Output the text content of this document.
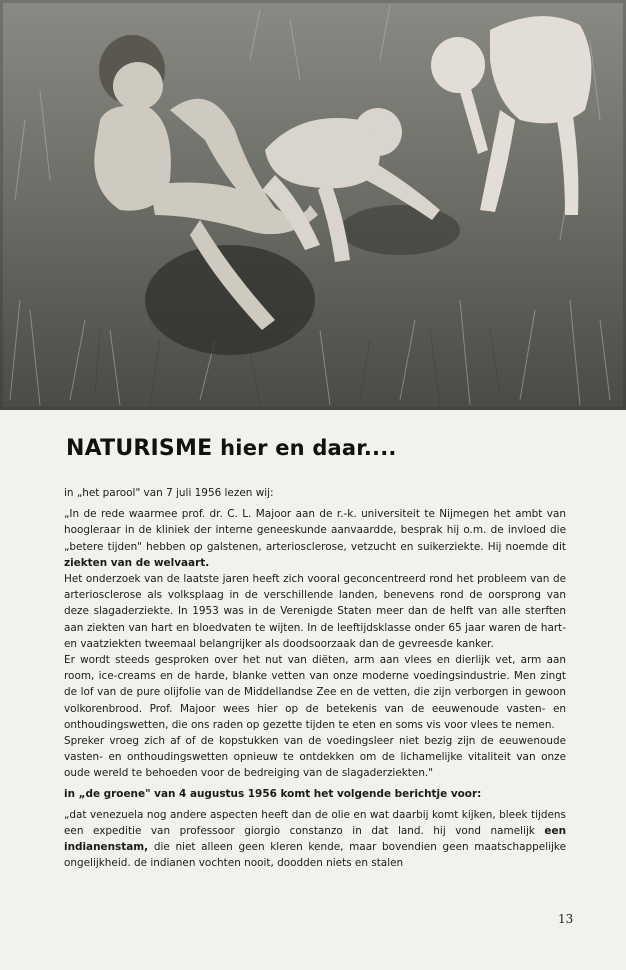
NATURISME hier en daar....

in „het parool" van 7 juli 1956 lezen wij:

„In de rede waarmee prof. dr. C. L. Majoor aan de r.-k. universiteit te Nijmegen het ambt van hoogleraar in de kliniek der interne geneeskunde aanvaardde, besprak hij o.m. de invloed die „betere tijden" hebben op galstenen, arteriosclerose, vetzucht en suikerziekte. Hij noemde dit ziekten van de welvaart.

Het onderzoek van de laatste jaren heeft zich vooral geconcentreerd rond het probleem van de arteriosclerose als volksplaag in de verschillende landen, benevens rond de oorsprong van deze slagaderziekte. In 1953 was in de Verenigde Staten meer dan de helft van alle sterften aan ziekten van hart en bloedvaten te wijten. In de leeftijdsklasse onder 65 jaar waren de hart- en vaatziekten tweemaal belangrijker als doodsoorzaak dan de gevreesde kanker.

Er wordt steeds gesproken over het nut van diëten, arm aan vlees en dierlijk vet, arm aan room, ice-creams en de harde, blanke vetten van onze moderne voedingsindustrie. Men zingt de lof van de pure olijfolie van de Middellandse Zee en de vetten, die zijn verborgen in gewoon volkorenbrood. Prof. Majoor wees hier op de betekenis van de eeuwenoude vasten- en onthoudingswetten, die ons raden op gezette tijden te eten en soms vis voor vlees te nemen.

Spreker vroeg zich af of de kopstukken van de voedingsleer niet bezig zijn de eeuwenoude vasten- en onthoudingswetten opnieuw te ontdekken om de lichamelijke vitaliteit van onze oude wereld te behoeden voor de bedreiging van de slagaderziekten."

in „de groene" van 4 augustus 1956 komt het volgende berichtje voor:

„dat venezuela nog andere aspecten heeft dan de olie en wat daarbij komt kijken, bleek tijdens een expeditie van professoor giorgio constanzo in dat land. hij vond namelijk een indianenstam, die niet alleen geen kleren kende, maar bovendien geen maatschappelijke ongelijkheid. de indianen vochten nooit, doodden niets en stalen

13
